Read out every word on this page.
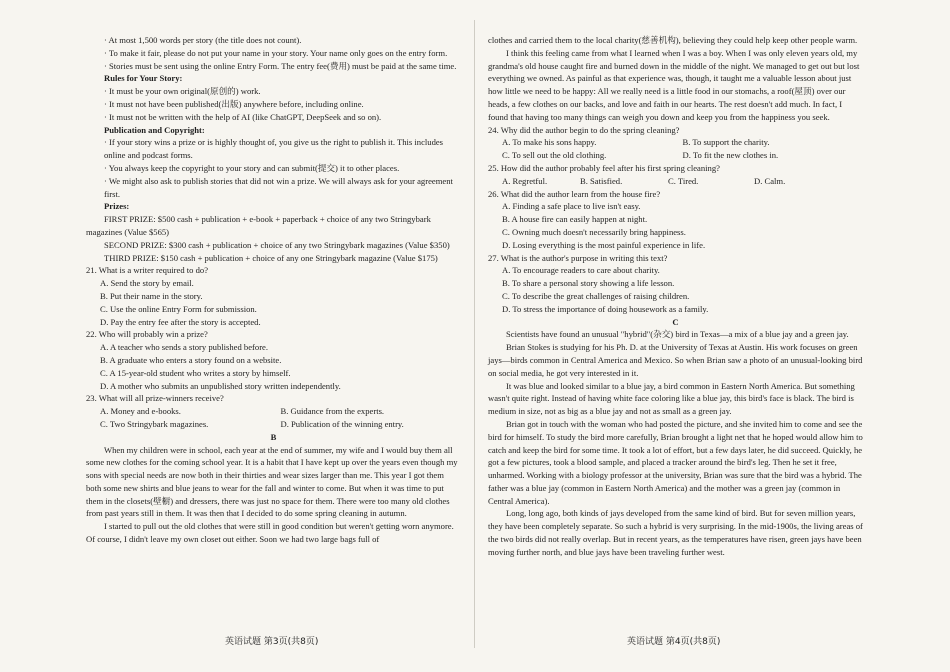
· At most 1,500 words per story (the title does not count).

· To make it fair, please do not put your name in your story. Your name only goes on the entry form.

· Stories must be sent using the online Entry Form. The entry fee(费用) must be paid at the same time.

Rules for Your Story:

· It must be your own original(原创的) work.

· It must not have been published(出版) anywhere before, including online.

· It must not be written with the help of AI (like ChatGPT, DeepSeek and so on).

Publication and Copyright:

· If your story wins a prize or is highly thought of, you give us the right to publish it. This includes online and podcast forms.

· You always keep the copyright to your story and can submit(提交) it to other places.

· We might also ask to publish stories that did not win a prize. We will always ask for your agreement first.

Prizes:

FIRST PRIZE: $500 cash + publication + e-book + paperback + choice of any two Stringybark magazines (Value $565)

SECOND PRIZE: $300 cash + publication + choice of any two Stringybark magazines (Value $350)

THIRD PRIZE: $150 cash + publication + choice of any one Stringybark magazine (Value $175)

21. What is a writer required to do?

A. Send the story by email.

B. Put their name in the story.

C. Use the online Entry Form for submission.

D. Pay the entry fee after the story is accepted.

22. Who will probably win a prize?

A. A teacher who sends a story published before.

B. A graduate who enters a story found on a website.

C. A 15-year-old student who writes a story by himself.

D. A mother who submits an unpublished story written independently.

23. What will all prize-winners receive?

A. Money and e-books.	B. Guidance from the experts.
C. Two Stringybark magazines.	D. Publication of the winning entry.

B

When my children were in school, each year at the end of summer, my wife and I would buy them all some new clothes for the coming school year. It is a habit that I have kept up over the years even though my sons with special needs are now both in their thirties and wear sizes larger than me. This year I got them both some new shirts and blue jeans to wear for the fall and winter to come. But when it was time to put them in the closets(壁橱) and dressers, there was just no space for them. There were too many old clothes from past years still in them. It was then that I decided to do some spring cleaning in autumn.

I started to pull out the old clothes that were still in good condition but weren't getting worn anymore. Of course, I didn't leave my own closet out either. Soon we had two large bags full of

clothes and carried them to the local charity(慈善机构), believing they could help keep other people warm.

I think this feeling came from what I learned when I was a boy. When I was only eleven years old, my grandma's old house caught fire and burned down in the middle of the night. We managed to get out but lost everything we owned. As painful as that experience was, though, it taught me a valuable lesson about just how little we need to be happy: All we really need is a little food in our stomachs, a roof(屋顶) over our heads, a few clothes on our backs, and love and faith in our hearts. The rest doesn't add much. In fact, I found that having too many things can weigh you down and keep you from the happiness you seek.

24. Why did the author begin to do the spring cleaning?

A. To make his sons happy.	B. To support the charity.
C. To sell out the old clothing.	D. To fit the new clothes in.

25. How did the author probably feel after his first spring cleaning?

A. Regretful.	B. Satisfied.	C. Tired.	D. Calm.

26. What did the author learn from the house fire?

A. Finding a safe place to live isn't easy.

B. A house fire can easily happen at night.

C. Owning much doesn't necessarily bring happiness.

D. Losing everything is the most painful experience in life.

27. What is the author's purpose in writing this text?

A. To encourage readers to care about charity.

B. To share a personal story showing a life lesson.

C. To describe the great challenges of raising children.

D. To stress the importance of doing housework as a family.

C

Scientists have found an unusual "hybrid"(杂交) bird in Texas—a mix of a blue jay and a green jay.

Brian Stokes is studying for his Ph. D. at the University of Texas at Austin. His work focuses on green jays—birds common in Central America and Mexico. So when Brian saw a photo of an unusual-looking bird on social media, he got very interested in it.

It was blue and looked similar to a blue jay, a bird common in Eastern North America. But something wasn't quite right. Instead of having white face coloring like a blue jay, this bird's face is black. The bird is medium in size, not as big as a blue jay and not as small as a green jay.

Brian got in touch with the woman who had posted the picture, and she invited him to come and see the bird for himself. To study the bird more carefully, Brian brought a light net that he hoped would allow him to catch and keep the bird for some time. It took a lot of effort, but a few days later, he did succeed. Quickly, he got a few pictures, took a blood sample, and placed a tracker around the bird's leg. Then he set it free, unharmed. Working with a biology professor at the university, Brian was sure that the bird was a hybrid. The father was a blue jay (common in Eastern North America) and the mother was a green jay (common in Central America).

Long, long ago, both kinds of jays developed from the same kind of bird. But for seven million years, they have been completely separate. So such a hybrid is very surprising. In the mid-1900s, the living areas of the two birds did not really overlap. But in recent years, as the temperatures have risen, green jays have been moving further north, and blue jays have been traveling further west.

英语试题 第3页(共8页)	英语试题 第4页(共8页)
